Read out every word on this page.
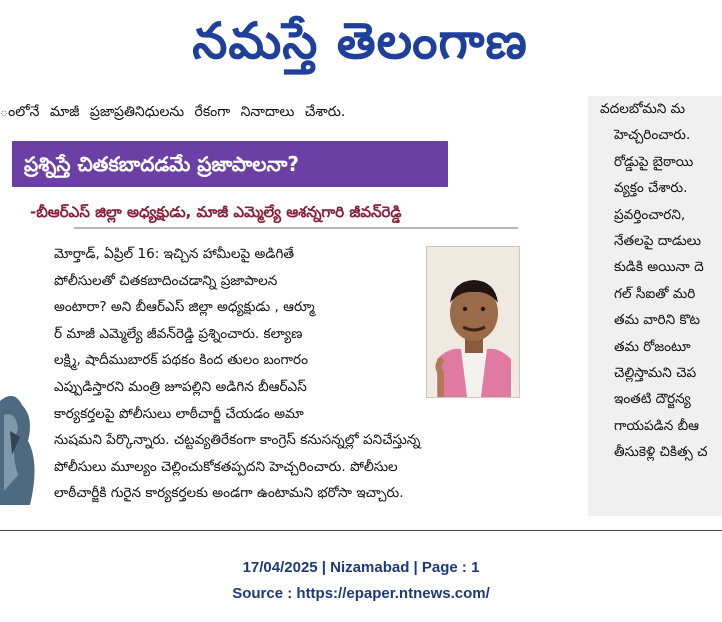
నమస్తే తెలంగాణ
ంలోనే మాజీ ప్రజాప్రతినిధులను రేకంగా నినాదాలు చేశారు.
ప్రశ్నిస్తే చితకబాదడమే ప్రజాపాలనా?
-బీఆర్ఎస్ జిల్లా అధ్యక్షుడు, మాజీ ఎమ్మెల్యే ఆశన్నగారి జీవన్‌రెడ్డి
మోర్తాడ్, ఏప్రిల్ 16: ఇచ్చిన హామీలపై అడిగితే
పోలీసులతో చితకబాదించడాన్ని ప్రజాపాలన
అంటారా? అని బీఆర్ఎస్ జిల్లా అధ్యక్షుడు , ఆర్మూ
ర్ మాజీ ఎమ్మెల్యే జీవన్‌రెడ్డి ప్రశ్నించారు. కల్యాణ
లక్ష్మి, షాదీముబారక్ పథకం కింద తులం బంగారం
ఎప్పుడిస్తారని మంత్రి జూపల్లిని అడిగిన బీఆర్ఎస్
కార్యకర్తలపై పోలీసులు లాఠీచార్జీ చేయడం అమా
నుషమని పేర్కొన్నారు. చట్టవ్యతిరేకంగా కాంగ్రెస్ కనుసన్నల్లో పనిచేస్తున్న
పోలీసులు మూల్యం చెల్లించుకోకతప్పదని హెచ్చరించారు. పోలీసుల
లాఠీచార్జీకి గురైన కార్యకర్తలకు అండగా ఉంటామని భరోసా ఇచ్చారు.
వదలబోమని మ
హెచ్చరించారు.
రోడ్డుపై బైఠాయి
వ్యక్తం చేశారు.
ప్రవర్తించారని,
నేతలపై దాడులు
కుడికి అయినా దె
గల్ సీఐతో మరి
తమ వారిని కొట
తమ రోజంటూ
చెల్లిస్తామని చెప
ఇంతటి దౌర్జన్య
గాయపడిన బీఆ
తీసుకెళ్లి చికిత్స చ
17/04/2025 | Nizamabad | Page : 1
Source : https://epaper.ntnews.com/
